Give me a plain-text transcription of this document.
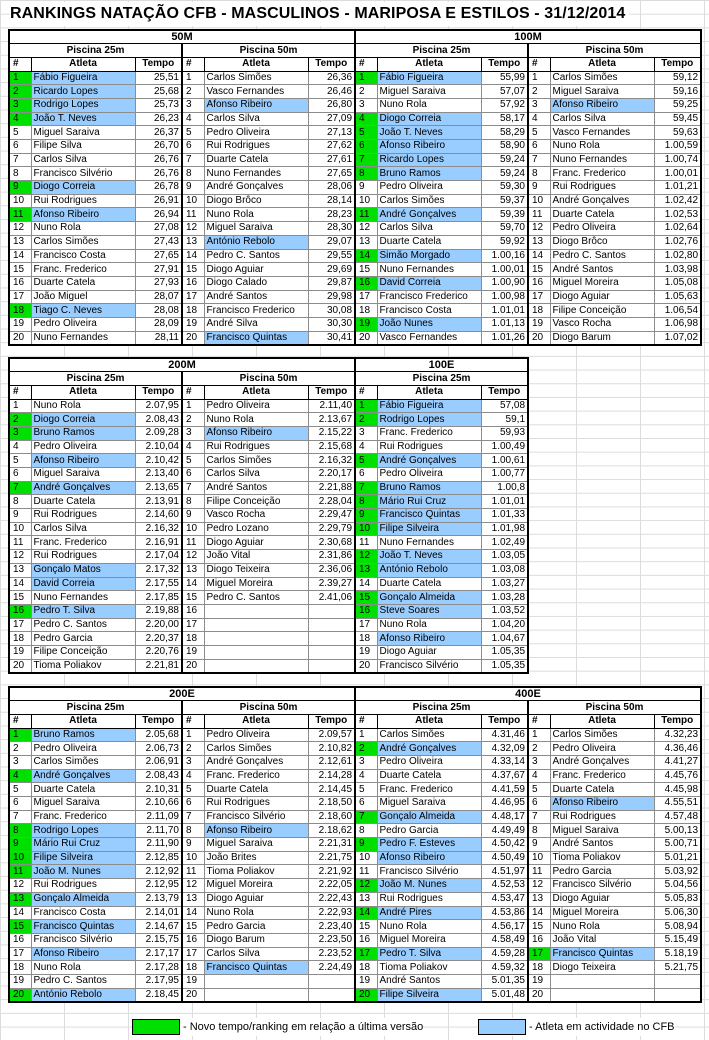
RANKINGS NATAÇÃO CFB - MASCULINOS - MARIPOSA E ESTILOS - 31/12/2014
50M					
Piscina 25m			Piscina 50m		
#	Atleta	Tempo	#	Atleta	Tempo
1	Fábio Figueira	25,51	1	Carlos Simões	26,36
2	Ricardo Lopes	25,68	2	Vasco Fernandes	26,46
3	Rodrigo Lopes	25,73	3	Afonso Ribeiro	26,80
4	João T. Neves	26,23	4	Carlos Silva	27,09
5	Miguel Saraiva	26,37	5	Pedro Oliveira	27,13
6	Filipe Silva	26,70	6	Rui Rodrigues	27,62
7	Carlos Silva	26,76	7	Duarte Catela	27,61
8	Francisco Silvério	26,76	8	Nuno Fernandes	27,65
9	Diogo Correia	26,78	9	André Gonçalves	28,06
10	Rui Rodrigues	26,91	10	Diogo Brôco	28,14
11	Afonso Ribeiro	26,94	11	Nuno Rola	28,23
12	Nuno Rola	27,08	12	Miguel Saraiva	28,30
13	Carlos Simões	27,43	13	António Rebolo	29,07
14	Francisco Costa	27,65	14	Pedro C. Santos	29,55
15	Franc. Frederico	27,91	15	Diogo Aguiar	29,69
16	Duarte Catela	27,93	16	Diogo Calado	29,87
17	João Miguel	28,07	17	André Santos	29,98
18	Tiago C. Neves	28,08	18	Francisco Frederico	30,08
19	Pedro Oliveira	28,09	19	André Silva	30,30
20	Nuno Fernandes	28,11	20	Francisco Quintas	30,41
100M					
Piscina 25m			Piscina 50m		
#	Atleta	Tempo	#	Atleta	Tempo
1	Fábio Figueira	55,99	1	Carlos Simões	59,12
2	Miguel Saraiva	57,07	2	Miguel Saraiva	59,16
3	Nuno Rola	57,92	3	Afonso Ribeiro	59,25
4	Diogo Correia	58,17	4	Carlos Silva	59,45
5	João T. Neves	58,29	5	Vasco Fernandes	59,63
6	Afonso Ribeiro	58,90	6	Nuno Rola	1.00,59
7	Ricardo Lopes	59,24	7	Nuno Fernandes	1.00,74
8	Bruno Ramos	59,24	8	Franc. Frederico	1.00,01
9	Pedro Oliveira	59,30	9	Rui Rodrigues	1.01,21
10	Carlos Simões	59,37	10	André Gonçalves	1.02,42
11	André Gonçalves	59,39	11	Duarte Catela	1.02,53
12	Carlos Silva	59,70	12	Pedro Oliveira	1.02,64
13	Duarte Catela	59,92	13	Diogo Brôco	1.02,76
14	Simão Morgado	1.00,16	14	Pedro C. Santos	1.02,80
15	Nuno Fernandes	1.00,01	15	André Santos	1.03,98
16	David Correia	1.00,90	16	Miguel Moreira	1.05,08
17	Francisco Frederico	1.00,98	17	Diogo Aguiar	1.05,63
18	Francisco Costa	1.01,01	18	Filipe Conceição	1.06,54
19	João Nunes	1.01,13	19	Vasco Rocha	1.06,98
20	Vasco Fernandes	1.01,26	20	Diogo Barum	1.07,02
200M					
Piscina 25m			Piscina 50m		
#	Atleta	Tempo	#	Atleta	Tempo
1	Nuno Rola	2.07,95	1	Pedro Oliveira	2.11,40
2	Diogo Correia	2.08,43	2	Nuno Rola	2.13,67
3	Bruno Ramos	2.09,28	3	Afonso Ribeiro	2.15,22
4	Pedro Oliveira	2.10,04	4	Rui Rodrigues	2.15,68
5	Afonso Ribeiro	2.10,42	5	Carlos Simões	2.16,32
6	Miguel Saraiva	2.13,40	6	Carlos Silva	2.20,17
7	André Gonçalves	2.13,65	7	André Santos	2.21,88
8	Duarte Catela	2.13,91	8	Filipe Conceição	2.28,04
9	Rui Rodrigues	2.14,60	9	Vasco Rocha	2.29,47
10	Carlos Silva	2.16,32	10	Pedro Lozano	2.29,79
11	Franc. Frederico	2.16,91	11	Diogo Aguiar	2.30,68
12	Rui Rodrigues	2.17,04	12	João Vital	2.31,86
13	Gonçalo Matos	2.17,32	13	Diogo Teixeira	2.36,06
14	David Correia	2.17,55	14	Miguel Moreira	2.39,27
15	Nuno Fernandes	2.17,85	15	Pedro C. Santos	2.41,06
16	Pedro T. Silva	2.19,88	16		
17	Pedro C. Santos	2.20,00	17		
18	Pedro Garcia	2.20,37	18		
19	Filipe Conceição	2.20,76	19		
20	Tioma Poliakov	2.21,81	20		
100E		
Piscina 25m		
#	Atleta	Tempo
1	Fábio Figueira	57,08
2	Rodrigo Lopes	59,1
3	Franc. Frederico	59,93
4	Rui Rodrigues	1.00,49
5	André Gonçalves	1.00,61
6	Pedro Oliveira	1.00,77
7	Bruno Ramos	1.00,8
8	Mário Rui Cruz	1.01,01
9	Francisco Quintas	1.01,33
10	Filipe Silveira	1.01,98
11	Nuno Fernandes	1.02,49
12	João T. Neves	1.03,05
13	António Rebolo	1.03,08
14	Duarte Catela	1.03,27
15	Gonçalo Almeida	1.03,28
16	Steve Soares	1.03,52
17	Nuno Rola	1.04,20
18	Afonso Ribeiro	1.04,67
19	Diogo Aguiar	1.05,35
20	Francisco Silvério	1.05,35
200E					
Piscina 25m			Piscina 50m		
#	Atleta	Tempo	#	Atleta	Tempo
1	Bruno Ramos	2.05,68	1	Pedro Oliveira	2.09,57
2	Pedro Oliveira	2.06,73	2	Carlos Simões	2.10,82
3	Carlos Simões	2.06,91	3	André Gonçalves	2.12,61
4	André Gonçalves	2.08,43	4	Franc. Frederico	2.14,28
5	Duarte Catela	2.10,31	5	Duarte Catela	2.14,45
6	Miguel Saraiva	2.10,66	6	Rui Rodrigues	2.18,50
7	Franc. Frederico	2.11,09	7	Francisco Silvério	2.18,60
8	Rodrigo Lopes	2.11,70	8	Afonso Ribeiro	2.18,62
9	Mário Rui Cruz	2.11,90	9	Miguel Saraiva	2.21,31
10	Filipe Silveira	2.12,85	10	João Brites	2.21,75
11	João M. Nunes	2.12,92	11	Tioma Poliakov	2.21,92
12	Rui Rodrigues	2.12,95	12	Miguel Moreira	2.22,05
13	Gonçalo Almeida	2.13,79	13	Diogo Aguiar	2.22,43
14	Francisco Costa	2.14,01	14	Nuno Rola	2.22,93
15	Francisco Quintas	2.14,67	15	Pedro Garcia	2.23,40
16	Francisco Silvério	2.15,75	16	Diogo Barum	2.23,50
17	Afonso Ribeiro	2.17,17	17	Carlos Silva	2.23,52
18	Nuno Rola	2.17,28	18	Francisco Quintas	2.24,49
19	Pedro C. Santos	2.17,95	19		
20	António Rebolo	2.18,45	20		
400E					
Piscina 25m			Piscina 50m		
#	Atleta	Tempo	#	Atleta	Tempo
1	Carlos Simões	4.31,46	1	Carlos Simões	4.32,23
2	André Gonçalves	4.32,09	2	Pedro Oliveira	4.36,46
3	Pedro Oliveira	4.33,14	3	André Gonçalves	4.41,27
4	Duarte Catela	4.37,67	4	Franc. Frederico	4.45,76
5	Franc. Frederico	4.41,59	5	Duarte Catela	4.45,98
6	Miguel Saraiva	4.46,95	6	Afonso Ribeiro	4.55,51
7	Gonçalo Almeida	4.48,17	7	Rui Rodrigues	4.57,48
8	Pedro Garcia	4.49,49	8	Miguel Saraiva	5.00,13
9	Pedro F. Esteves	4.50,42	9	André Santos	5.00,71
10	Afonso Ribeiro	4.50,49	10	Tioma Poliakov	5.01,21
11	Francisco Silvério	4.51,97	11	Pedro Garcia	5.03,92
12	João M. Nunes	4.52,53	12	Francisco Silvério	5.04,56
13	Rui Rodrigues	4.53,47	13	Diogo Aguiar	5.05,83
14	André Pires	4.53,86	14	Miguel Moreira	5.06,30
15	Nuno Rola	4.56,17	15	Nuno Rola	5.08,94
16	Miguel Moreira	4.58,49	16	João Vital	5.15,49
17	Pedro T. Silva	4.59,28	17	Francisco Quintas	5.18,19
18	Tioma Poliakov	4.59,32	18	Diogo Teixeira	5.21,75
19	André Santos	5.01,35	19		
20	Filipe Silveira	5.01,48	20		
- Novo tempo/ranking em relação a última versão	- Atleta em actividade no CFB
